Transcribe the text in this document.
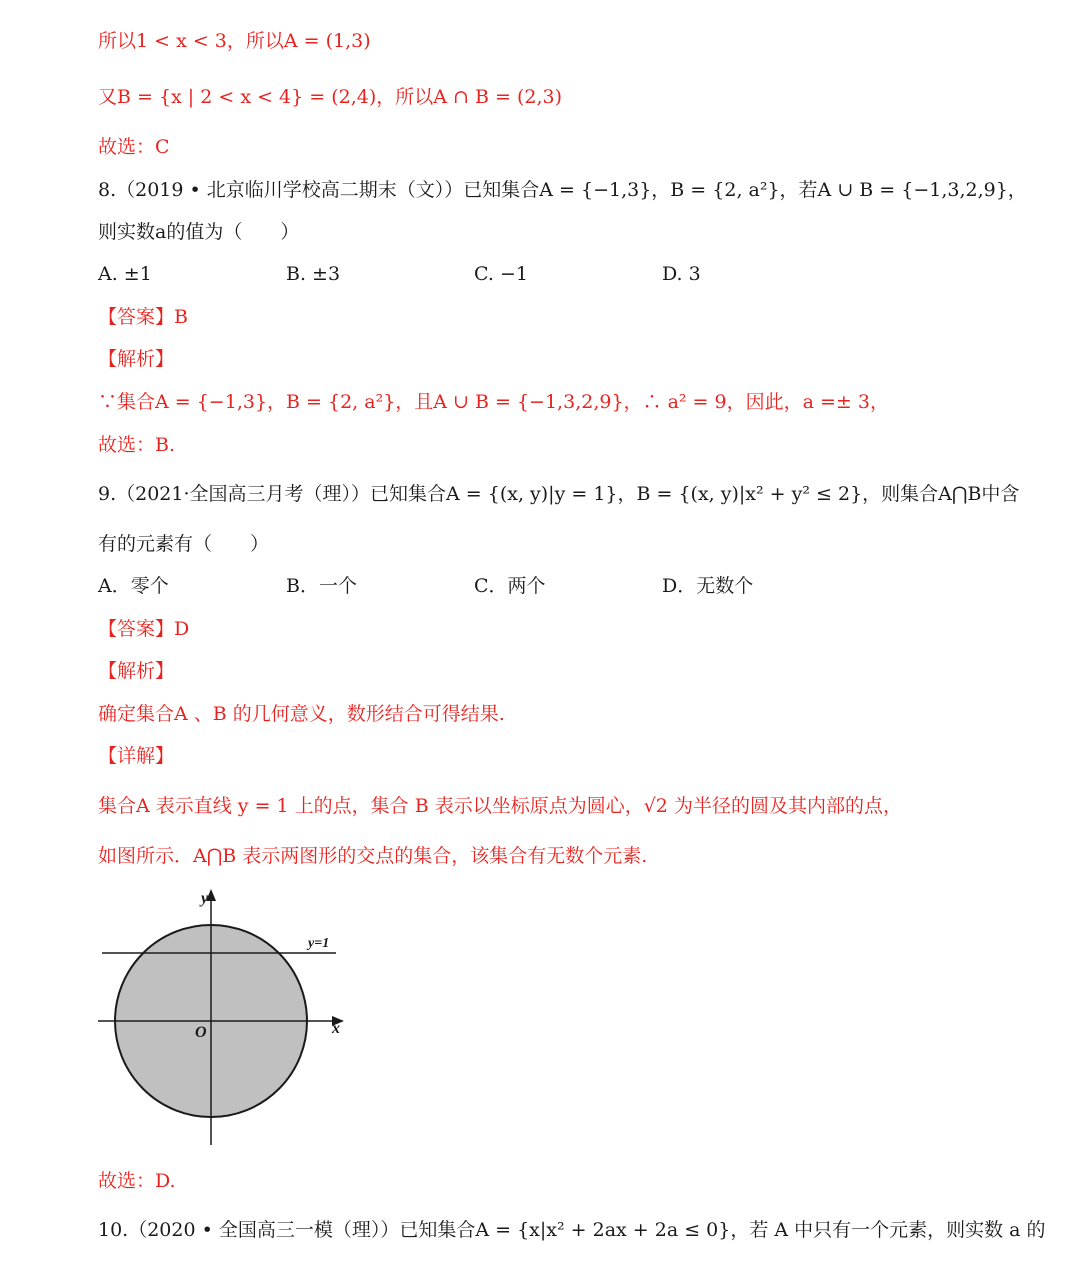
所以1 < x < 3，所以A = (1,3)
又B = {x | 2 < x < 4} = (2,4)，所以A ∩ B = (2,3)
故选：C
8.（2019 • 北京临川学校高二期末（文））已知集合A = {−1,3}，B = {2, a²}，若A ∪ B = {−1,3,2,9}，
则实数a的值为（　　）
A. ±1	B. ±3	C. −1	D. 3
【答案】B
【解析】
∵集合A = {−1,3}，B = {2, a²}，且A ∪ B = {−1,3,2,9}，∴ a² = 9，因此，a =± 3，
故选：B.
9.（2021·全国高三月考（理））已知集合A = {(x, y)|y = 1}，B = {(x, y)|x² + y² ≤ 2}，则集合A⋂B中含
有的元素有（　　）
A．零个	B．一个	C．两个	D．无数个
【答案】D
【解析】
确定集合A 、B 的几何意义，数形结合可得结果.
【详解】
集合A 表示直线 y = 1 上的点，集合 B 表示以坐标原点为圆心，√2 为半径的圆及其内部的点，
如图所示．A⋂B 表示两图形的交点的集合，该集合有无数个元素.
y
x
O
y=1
故选：D.
10.（2020 • 全国高三一模（理））已知集合A = {x|x² + 2ax + 2a ≤ 0}，若 A 中只有一个元素，则实数 a 的
